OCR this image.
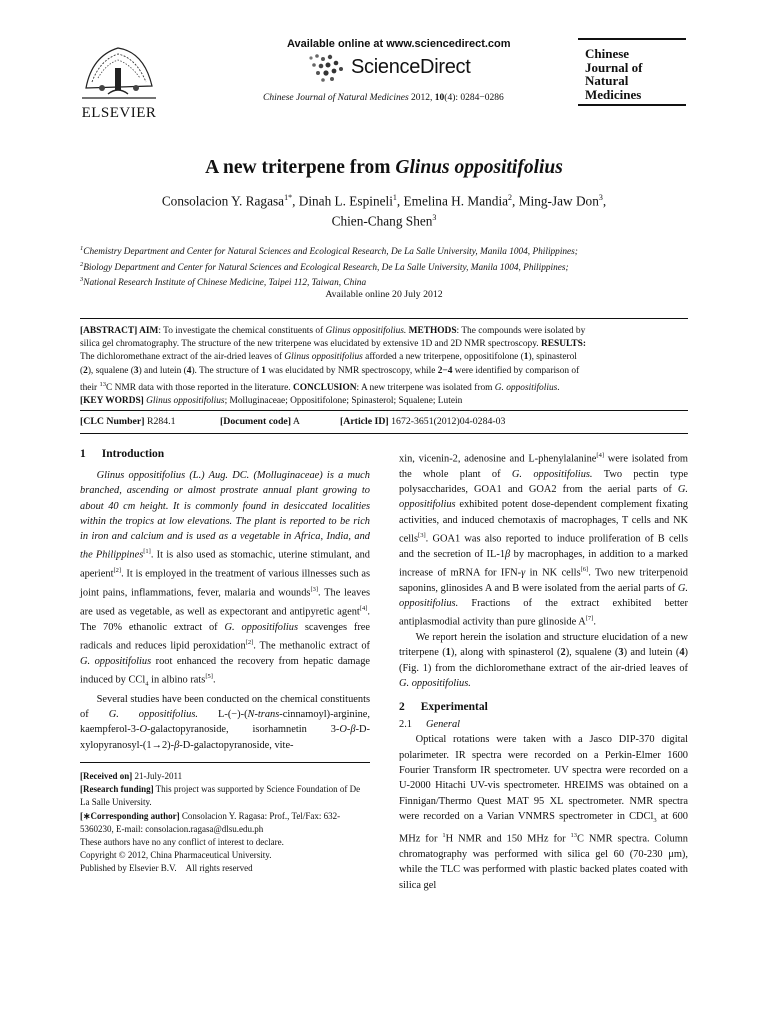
ELSEVIER
Available online at www.sciencedirect.com
ScienceDirect
Chinese Journal of Natural Medicines 2012, 10(4): 0284−0286
Chinese
Journal of
Natural
Medicines
A new triterpene from Glinus oppositifolius
Consolacion Y. Ragasa$^{1*}$, Dinah L. Espineli$^1$, Emelina H. Mandia$^2$, Ming-Jaw Don$^3$,
Chien-Chang Shen$^3$

$^1$Chemistry Department and Center for Natural Sciences and Ecological Research, De La Salle University, Manila 1004, Philippines;

$^2$Biology Department and Center for Natural Sciences and Ecological Research, De La Salle University, Manila 1004, Philippines;

$^3$National Research Institute of Chinese Medicine, Taipei 112, Taiwan, China

Available online 20 July 2012

[ABSTRACT] AIM: To investigate the chemical constituents of Glinus oppositifolius. METHODS: The compounds were isolated by

silica gel chromatography. The structure of the new triterpene was elucidated by extensive 1D and 2D NMR spectroscopy. RESULTS:

The dichloromethane extract of the air-dried leaves of Glinus oppositifolius afforded a new triterpene, oppositifolone (1), spinasterol

(2), squalene (3) and lutein (4). The structure of 1 was elucidated by NMR spectroscopy, while 2−4 were identified by comparison of

their $^{13}$C NMR data with those reported in the literature. CONCLUSION: A new triterpene was isolated from G. oppositifolius.

[KEY WORDS] Glinus oppositifolius; Molluginaceae; Oppositifolone; Spinasterol; Squalene; Lutein

[CLC Number] R284.1	[Document code] A	[Article ID] 1672-3651(2012)04-0284-03
1 Introduction

Glinus oppositifolius (L.) Aug. DC. (Molluginaceae) is a much branched, ascending or almost prostrate annual plant growing to about 40 cm height. It is commonly found in desiccated localities within the tropics at low elevations. The plant is reported to be rich in iron and calcium and is used as a vegetable in Africa, India, and the Philippines[1]. It is also used as stomachic, uterine stimulant, and aperient[2]. It is employed in the treatment of various illnesses such as joint pains, inflammations, fever, malaria and wounds[3]. The leaves are used as vegetable, as well as expectorant and antipyretic agent[4]. The 70% ethanolic extract of G. oppositifolius scavenges free radicals and reduces lipid peroxidation[2]. The methanolic extract of G. oppositifolius root enhanced the recovery from hepatic damage induced by CCl$_4$ in albino rats[5].

Several studies have been conducted on the chemical constituents of G. oppositifolius. L-(−)-(N-trans-cinnamoyl)-arginine, kaempferol-3-O-galactopyranoside, isorhamnetin 3-O-β-D-xylopyranosyl-(1→2)-β-D-galactopyranoside, vite-

[Received on] 21-July-2011

[Research funding] This project was supported by Science Foundation of De La Salle University.

[∗Corresponding author] Consolacion Y. Ragasa: Prof., Tel/Fax: 632-5360230, E-mail: consolacion.ragasa@dlsu.edu.ph

These authors have no any conflict of interest to declare.

Copyright © 2012, China Pharmaceutical University.

Published by Elsevier B.V.    All rights reserved

xin, vicenin-2, adenosine and L-phenylalanine[4] were isolated from the whole plant of G. oppositifolius. Two pectin type polysaccharides, GOA1 and GOA2 from the aerial parts of G. oppositifolius exhibited potent dose-dependent complement fixating activities, and induced chemotaxis of macrophages, T cells and NK cells[3]. GOA1 was also reported to induce proliferation of B cells and the secretion of IL-1β by macrophages, in addition to a marked increase of mRNA for IFN-γ in NK cells[6]. Two new triterpenoid saponins, glinosides A and B were isolated from the aerial parts of G. oppositifolius. Fractions of the extract exhibited better antiplasmodial activity than pure glinoside A[7].

We report herein the isolation and structure elucidation of a new triterpene (1), along with spinasterol (2), squalene (3) and lutein (4) (Fig. 1) from the dichloromethane extract of the air-dried leaves of G. oppositifolius.

2 Experimental
2.1 General

Optical rotations were taken with a Jasco DIP-370 digital polarimeter. IR spectra were recorded on a Perkin-Elmer 1600 Fourier Transform IR spectrometer. UV spectra were recorded on a U-2000 Hitachi UV-vis spectrometer. HREIMS was obtained on a Finnigan/Thermo Quest MAT 95 XL spectrometer. NMR spectra were recorded on a Varian VNMRS spectrometer in CDCl$_3$ at 600 MHz for $^1$H NMR and 150 MHz for $^{13}$C NMR spectra. Column chromatography was performed with silica gel 60 (70-230 μm), while the TLC was performed with plastic backed plates coated with silica gel
